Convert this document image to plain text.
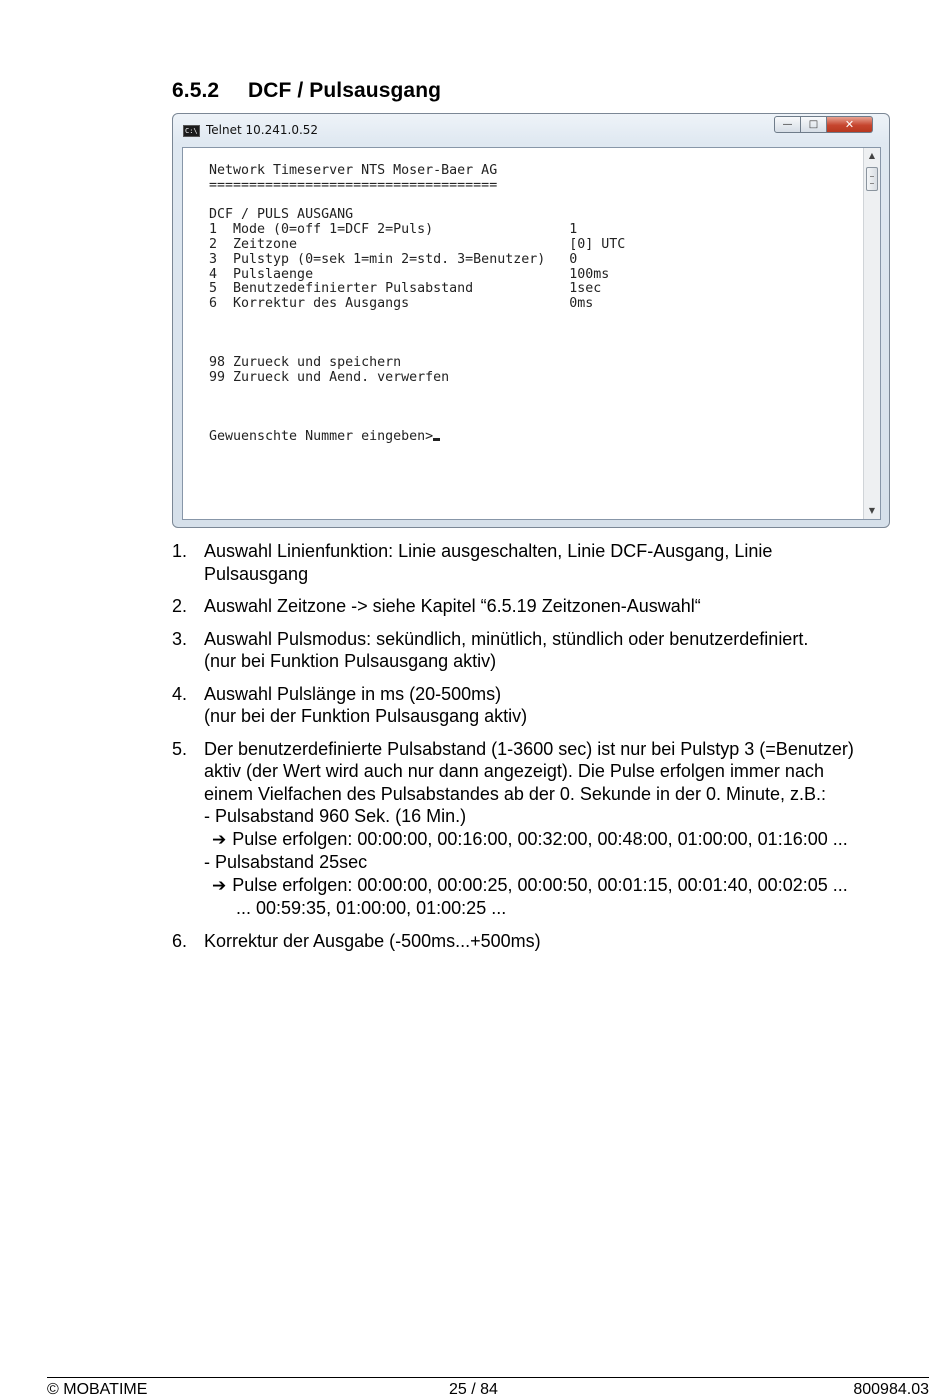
6.5.2 DCF / Pulsausgang
C:\ Telnet 10.241.0.52	—	□	✕
Network Timeserver NTS Moser-Baer AG
====================================

DCF / PULS AUSGANG
1  Mode (0=off 1=DCF 2=Puls)                 1
2  Zeitzone                                  [0] UTC
3  Pulstyp (0=sek 1=min 2=std. 3=Benutzer)   0
4  Pulslaenge                                100ms
5  Benutzedefinierter Pulsabstand            1sec
6  Korrektur des Ausgangs                    0ms

98 Zurueck und speichern
99 Zurueck und Aend. verwerfen

Gewuenschte Nummer eingeben>
▲
▼
1. Auswahl Linienfunktion: Linie ausgeschalten, Linie DCF-Ausgang, Linie
Pulsausgang
2. Auswahl Zeitzone -> siehe Kapitel “6.5.19 Zeitzonen-Auswahl“
3. Auswahl Pulsmodus: sekündlich, minütlich, stündlich oder benutzerdefiniert.
(nur bei Funktion Pulsausgang aktiv)
4. Auswahl Pulslänge in ms (20-500ms)
(nur bei der Funktion Pulsausgang aktiv)
5. Der benutzerdefinierte Pulsabstand (1-3600 sec) ist nur bei Pulstyp 3 (=Benutzer)
aktiv (der Wert wird auch nur dann angezeigt). Die Pulse erfolgen immer nach
einem Vielfachen des Pulsabstandes ab der 0. Sekunde in der 0. Minute, z.B.:
- Pulsabstand 960 Sek. (16 Min.)
➔ Pulse erfolgen: 00:00:00, 00:16:00, 00:32:00, 00:48:00, 01:00:00, 01:16:00 ...
- Pulsabstand 25sec
➔ Pulse erfolgen: 00:00:00, 00:00:25, 00:00:50, 00:01:15, 00:01:40, 00:02:05 ...
... 00:59:35, 01:00:00, 01:00:25 ...
6. Korrektur der Ausgabe (-500ms...+500ms)
© MOBATIME	25 / 84	800984.03
